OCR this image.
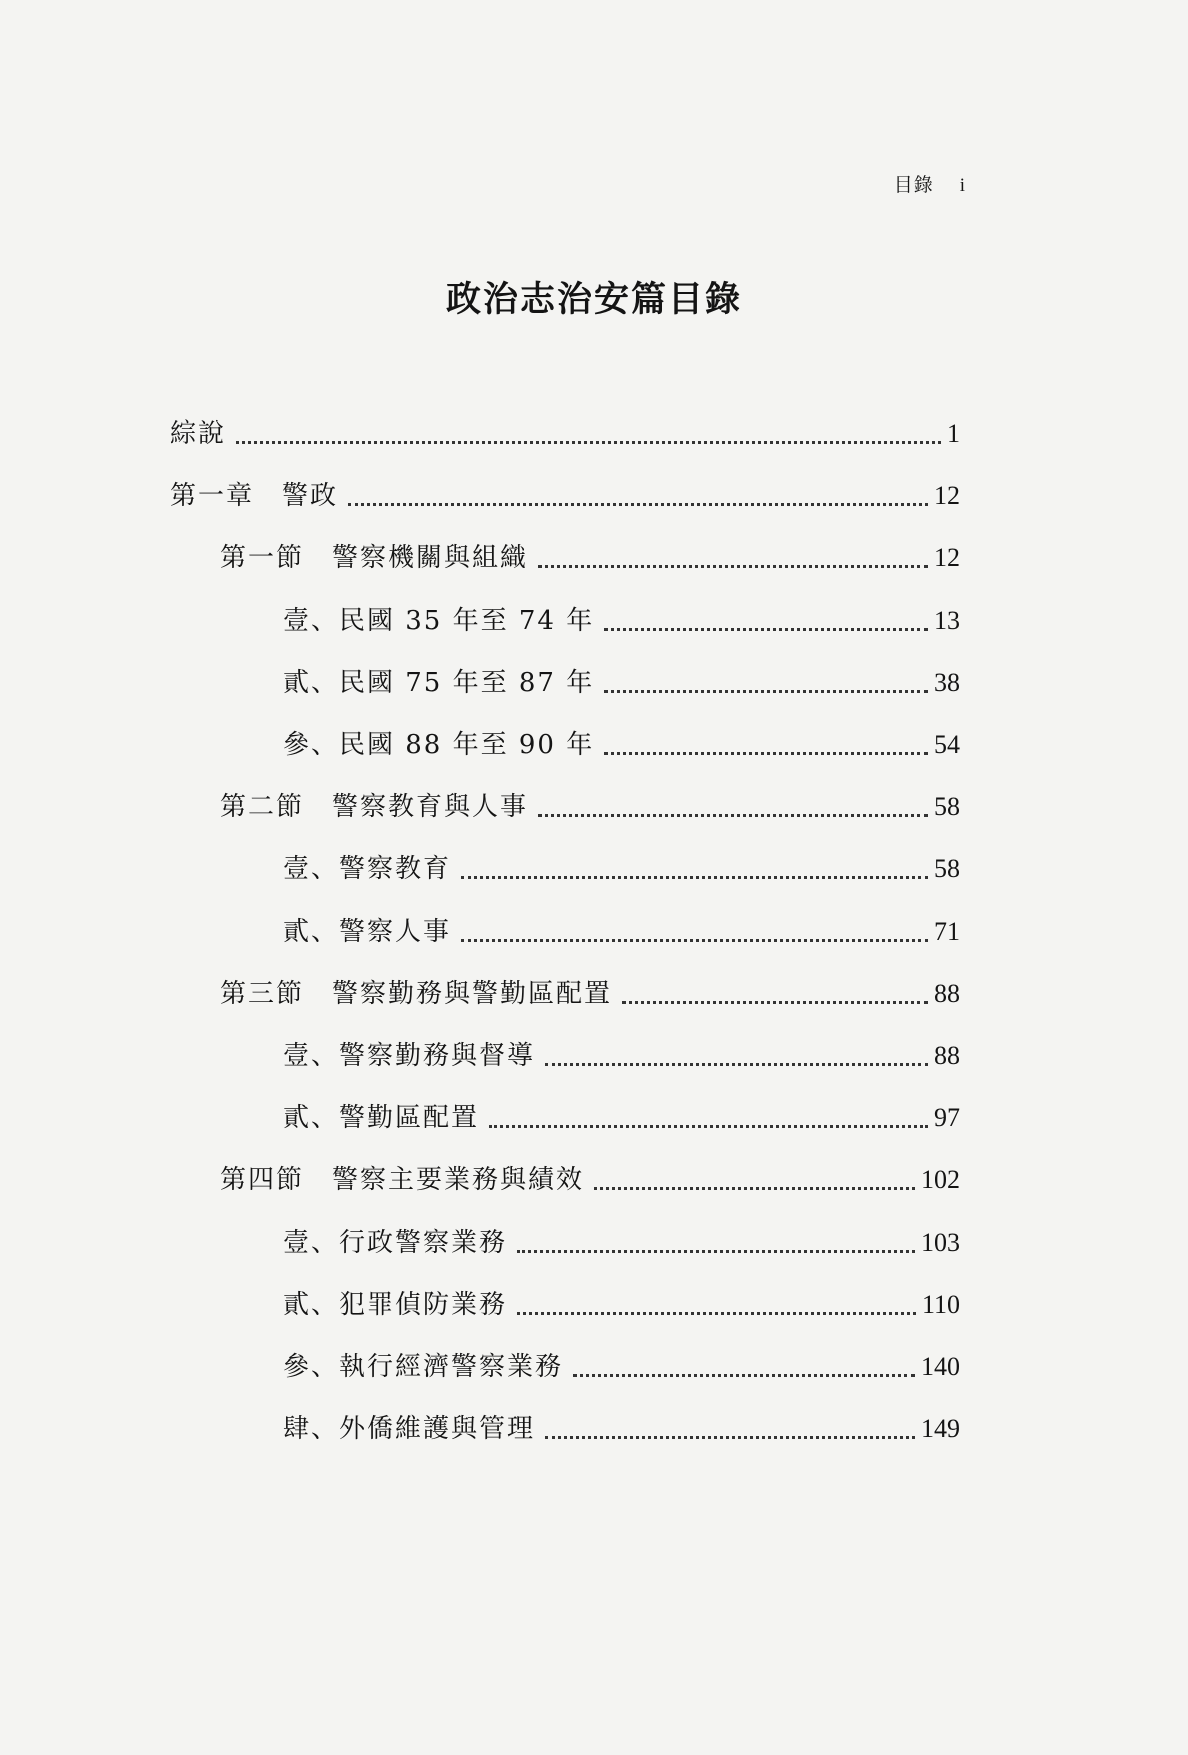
目錄 i
政治志治安篇目錄
綜說	1
第一章 警政	12
第一節 警察機關與組織	12
壹、民國 35 年至 74 年	13
貳、民國 75 年至 87 年	38
參、民國 88 年至 90 年	54
第二節 警察教育與人事	58
壹、警察教育	58
貳、警察人事	71
第三節 警察勤務與警勤區配置	88
壹、警察勤務與督導	88
貳、警勤區配置	97
第四節 警察主要業務與績效	102
壹、行政警察業務	103
貳、犯罪偵防業務	110
參、執行經濟警察業務	140
肆、外僑維護與管理	149
